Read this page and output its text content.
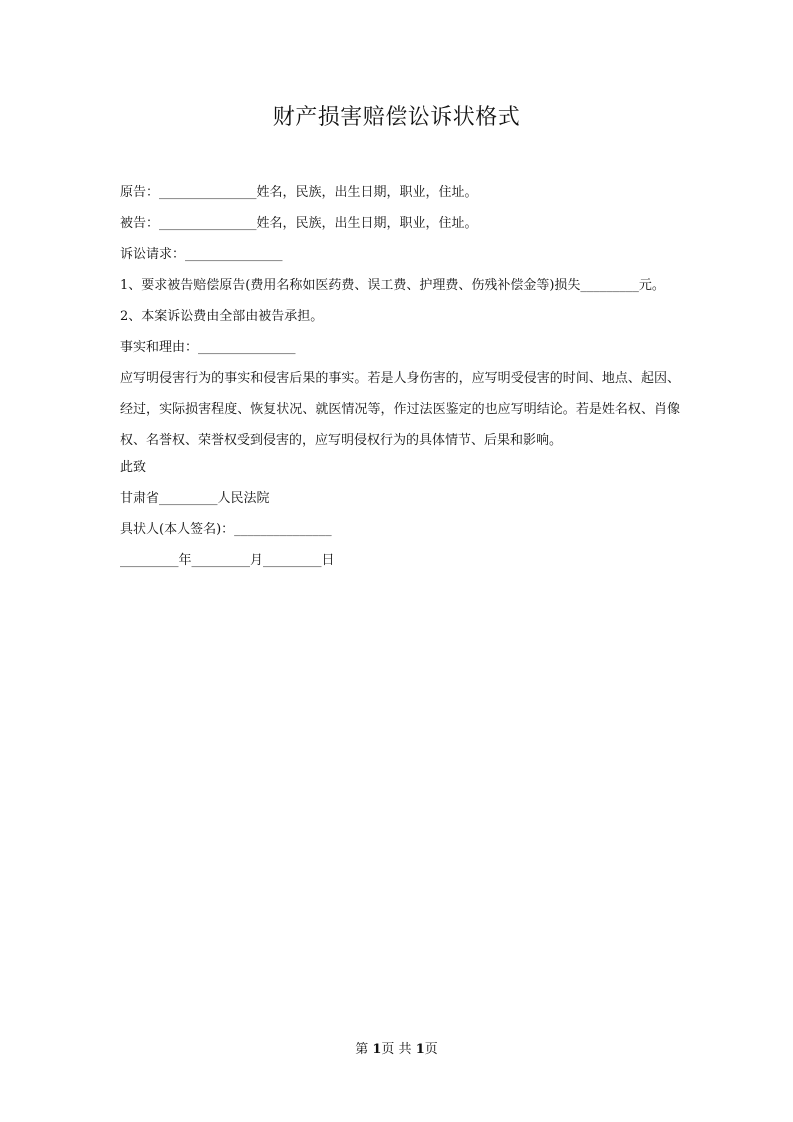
财产损害赔偿讼诉状格式
原告：_______________姓名，民族，出生日期，职业，住址。
被告：_______________姓名，民族，出生日期，职业，住址。
诉讼请求：_______________
1、要求被告赔偿原告(费用名称如医药费、误工费、护理费、伤残补偿金等)损失_________元。
2、本案诉讼费由全部由被告承担。
事实和理由：_______________
应写明侵害行为的事实和侵害后果的事实。若是人身伤害的，应写明受侵害的时间、地点、起因、经过，实际损害程度、恢复状况、就医情况等，作过法医鉴定的也应写明结论。若是姓名权、肖像权、名誉权、荣誉权受到侵害的，应写明侵权行为的具体情节、后果和影响。
此致
甘肃省_________人民法院
具状人(本人签名)：_______________
_________年_________月_________日
第 1页 共 1页
